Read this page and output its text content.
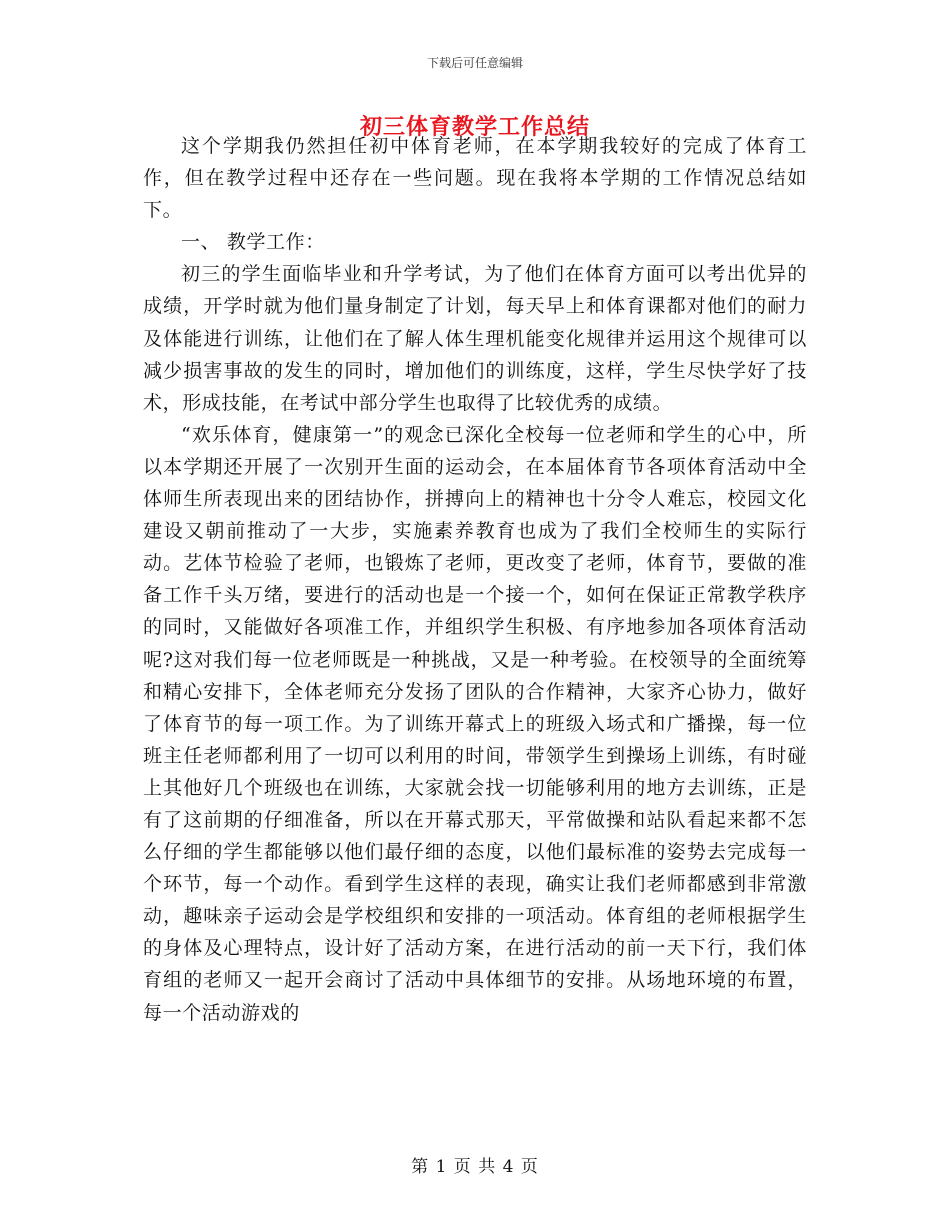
下载后可任意编辑
初三体育教学工作总结

这个学期我仍然担任初中体育老师，在本学期我较好的完成了体育工作，但在教学过程中还存在一些问题。现在我将本学期的工作情况总结如下。

一、 教学工作：

初三的学生面临毕业和升学考试，为了他们在体育方面可以考出优异的成绩，开学时就为他们量身制定了计划，每天早上和体育课都对他们的耐力及体能进行训练，让他们在了解人体生理机能变化规律并运用这个规律可以减少损害事故的发生的同时，增加他们的训练度，这样，学生尽快学好了技术，形成技能，在考试中部分学生也取得了比较优秀的成绩。

“欢乐体育，健康第一”的观念已深化全校每一位老师和学生的心中，所以本学期还开展了一次别开生面的运动会，在本届体育节各项体育活动中全体师生所表现出来的团结协作，拼搏向上的精神也十分令人难忘，校园文化建设又朝前推动了一大步，实施素养教育也成为了我们全校师生的实际行动。艺体节检验了老师，也锻炼了老师，更改变了老师，体育节，要做的准备工作千头万绪，要进行的活动也是一个接一个，如何在保证正常教学秩序的同时，又能做好各项准工作，并组织学生积极、有序地参加各项体育活动呢?这对我们每一位老师既是一种挑战，又是一种考验。在校领导的全面统筹和精心安排下，全体老师充分发扬了团队的合作精神，大家齐心协力，做好了体育节的每一项工作。为了训练开幕式上的班级入场式和广播操，每一位班主任老师都利用了一切可以利用的时间，带领学生到操场上训练，有时碰上其他好几个班级也在训练，大家就会找一切能够利用的地方去训练，正是有了这前期的仔细准备，所以在开幕式那天，平常做操和站队看起来都不怎么仔细的学生都能够以他们最仔细的态度，以他们最标准的姿势去完成每一个环节，每一个动作。看到学生这样的表现，确实让我们老师都感到非常激动，趣味亲子运动会是学校组织和安排的一项活动。体育组的老师根据学生的身体及心理特点，设计好了活动方案，在进行活动的前一天下行，我们体育组的老师又一起开会商讨了活动中具体细节的安排。从场地环境的布置，每一个活动游戏的

第 1 页 共 4 页
